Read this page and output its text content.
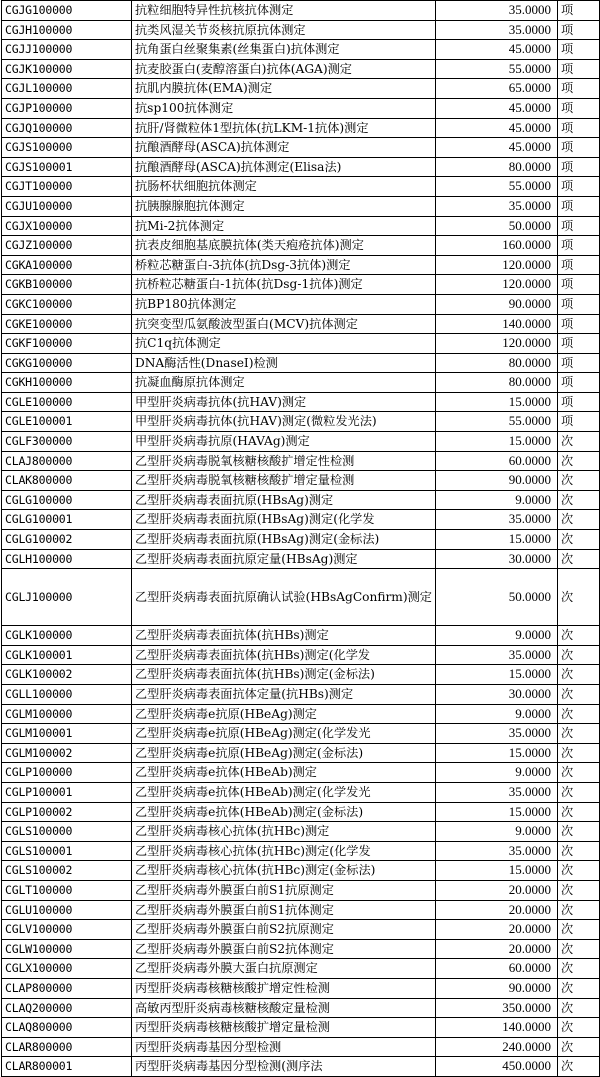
CGJG100000	抗粒细胞特异性抗核抗体测定	35.0000	项
CGJH100000	抗类风湿关节炎核抗原抗体测定	35.0000	项
CGJJ100000	抗角蛋白丝聚集素(丝集蛋白)抗体测定	45.0000	项
CGJK100000	抗麦胶蛋白(麦醇溶蛋白)抗体(AGA)测定	55.0000	项
CGJL100000	抗肌内膜抗体(EMA)测定	65.0000	项
CGJP100000	抗sp100抗体测定	45.0000	项
CGJQ100000	抗肝/肾微粒体1型抗体(抗LKM-1抗体)测定	45.0000	项
CGJS100000	抗酿酒酵母(ASCA)抗体测定	45.0000	项
CGJS100001	抗酿酒酵母(ASCA)抗体测定(Elisa法)	80.0000	项
CGJT100000	抗肠杯状细胞抗体测定	55.0000	项
CGJU100000	抗胰腺腺胞抗体测定	35.0000	项
CGJX100000	抗Mi-2抗体测定	50.0000	项
CGJZ100000	抗表皮细胞基底膜抗体(类天疱疮抗体)测定	160.0000	项
CGKA100000	桥粒芯糖蛋白-3抗体(抗Dsg-3抗体)测定	120.0000	项
CGKB100000	抗桥粒芯糖蛋白-1抗体(抗Dsg-1抗体)测定	120.0000	项
CGKC100000	抗BP180抗体测定	90.0000	项
CGKE100000	抗突变型瓜氨酸波型蛋白(MCV)抗体测定	140.0000	项
CGKF100000	抗C1q抗体测定	120.0000	项
CGKG100000	DNA酶活性(DnaseI)检测	80.0000	项
CGKH100000	抗凝血酶原抗体测定	80.0000	项
CGLE100000	甲型肝炎病毒抗体(抗HAV)测定	15.0000	项
CGLE100001	甲型肝炎病毒抗体(抗HAV)测定(微粒发光法)	55.0000	项
CGLF300000	甲型肝炎病毒抗原(HAVAg)测定	15.0000	次
CLAJ800000	乙型肝炎病毒脱氧核糖核酸扩增定性检测	60.0000	次
CLAK800000	乙型肝炎病毒脱氧核糖核酸扩增定量检测	90.0000	次
CGLG100000	乙型肝炎病毒表面抗原(HBsAg)测定	9.0000	次
CGLG100001	乙型肝炎病毒表面抗原(HBsAg)测定(化学发	35.0000	次
CGLG100002	乙型肝炎病毒表面抗原(HBsAg)测定(金标法)	15.0000	次
CGLH100000	乙型肝炎病毒表面抗原定量(HBsAg)测定	30.0000	次
CGLJ100000	乙型肝炎病毒表面抗原确认试验(HBsAgConfirm)测定	50.0000	次
CGLK100000	乙型肝炎病毒表面抗体(抗HBs)测定	9.0000	次
CGLK100001	乙型肝炎病毒表面抗体(抗HBs)测定(化学发	35.0000	次
CGLK100002	乙型肝炎病毒表面抗体(抗HBs)测定(金标法)	15.0000	次
CGLL100000	乙型肝炎病毒表面抗体定量(抗HBs)测定	30.0000	次
CGLM100000	乙型肝炎病毒e抗原(HBeAg)测定	9.0000	次
CGLM100001	乙型肝炎病毒e抗原(HBeAg)测定(化学发光	35.0000	次
CGLM100002	乙型肝炎病毒e抗原(HBeAg)测定(金标法)	15.0000	次
CGLP100000	乙型肝炎病毒e抗体(HBeAb)测定	9.0000	次
CGLP100001	乙型肝炎病毒e抗体(HBeAb)测定(化学发光	35.0000	次
CGLP100002	乙型肝炎病毒e抗体(HBeAb)测定(金标法)	15.0000	次
CGLS100000	乙型肝炎病毒核心抗体(抗HBc)测定	9.0000	次
CGLS100001	乙型肝炎病毒核心抗体(抗HBc)测定(化学发	35.0000	次
CGLS100002	乙型肝炎病毒核心抗体(抗HBc)测定(金标法)	15.0000	次
CGLT100000	乙型肝炎病毒外膜蛋白前S1抗原测定	20.0000	次
CGLU100000	乙型肝炎病毒外膜蛋白前S1抗体测定	20.0000	次
CGLV100000	乙型肝炎病毒外膜蛋白前S2抗原测定	20.0000	次
CGLW100000	乙型肝炎病毒外膜蛋白前S2抗体测定	20.0000	次
CGLX100000	乙型肝炎病毒外膜大蛋白抗原测定	60.0000	次
CLAP800000	丙型肝炎病毒核糖核酸扩增定性检测	90.0000	次
CLAQ200000	高敏丙型肝炎病毒核糖核酸定量检测	350.0000	次
CLAQ800000	丙型肝炎病毒核糖核酸扩增定量检测	140.0000	次
CLAR800000	丙型肝炎病毒基因分型检测	240.0000	次
CLAR800001	丙型肝炎病毒基因分型检测(测序法	450.0000	次
